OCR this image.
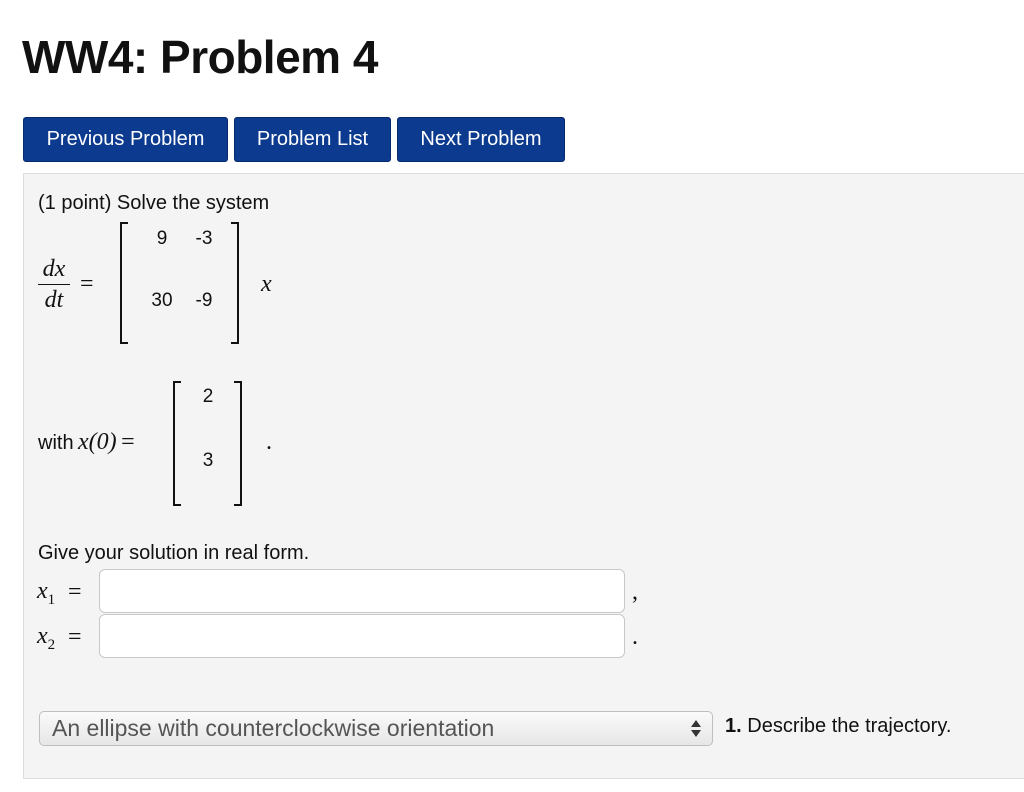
WW4: Problem 4
Previous Problem	Problem List	Next Problem
(1 point) Solve the system
dx
dt
=
9	-3
30	-9
x
with x(0) =
2
3
.
Give your solution in real form.
$x_1$ =	,
$x_2$ =	.
An ellipse with counterclockwise orientation	1. Describe the trajectory.
